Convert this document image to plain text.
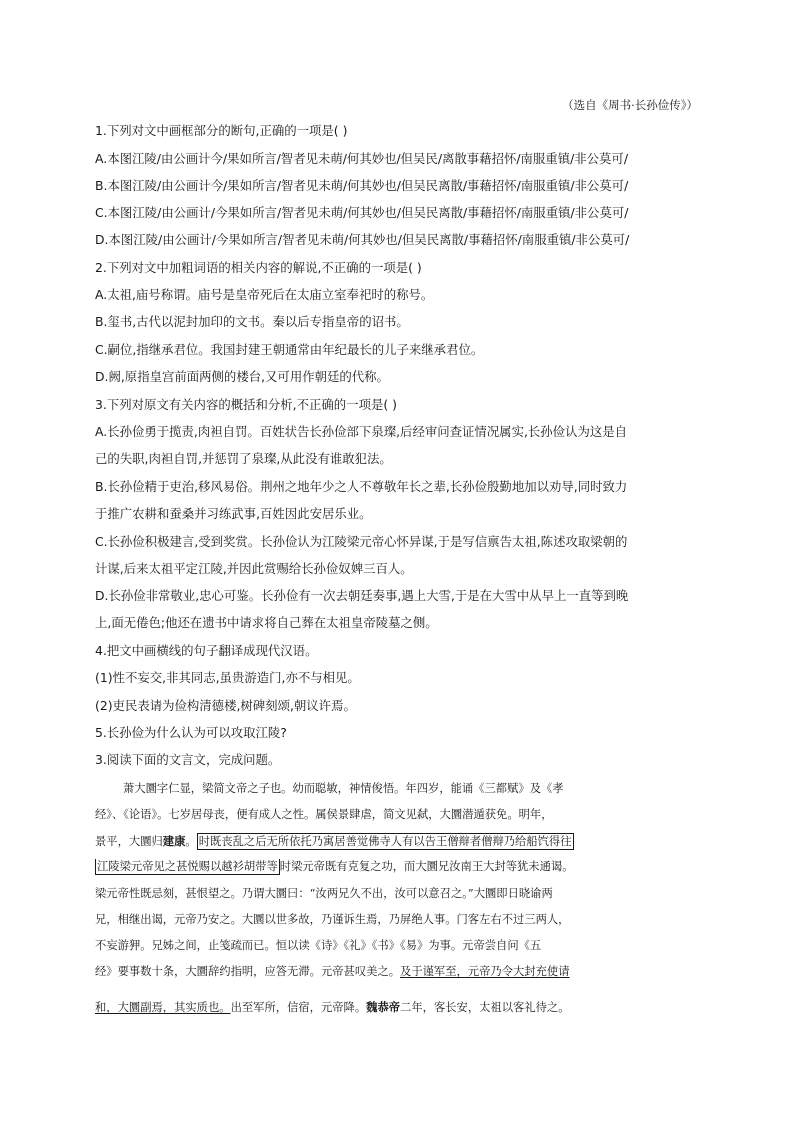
（选自《周书·长孙俭传》）
1.下列对文中画框部分的断句,正确的一项是( )
A.本图江陵/由公画计今/果如所言/智者见未萌/何其妙也/但吴民/离散事藉招怀/南服重镇/非公莫可/
B.本图江陵/由公画计今/果如所言/智者见未萌/何其妙也/但吴民离散/事藉招怀/南服重镇/非公莫可/
C.本图江陵/由公画计/今果如所言/智者见未萌/何其妙也/但吴民离散/事藉招怀/南服重镇/非公莫可/
D.本图江陵/由公画计/今果如所言/智者见未萌/何其妙也/但吴民离散/事藉招怀/南服重镇/非公莫可/
2.下列对文中加粗词语的相关内容的解说,不正确的一项是( )
A.太祖,庙号称谓。庙号是皇帝死后在太庙立室奉祀时的称号。
B.玺书,古代以泥封加印的文书。秦以后专指皇帝的诏书。
C.嗣位,指继承君位。我国封建王朝通常由年纪最长的儿子来继承君位。
D.阙,原指皇宫前面两侧的楼台,又可用作朝廷的代称。
3.下列对原文有关内容的概括和分析,不正确的一项是( )
A.长孙俭勇于揽责,肉袒自罚。百姓状告长孙俭部下泉璨,后经审问查证情况属实,长孙俭认为这是自
己的失职,肉袒自罚,并惩罚了泉璨,从此没有谁敢犯法。
B.长孙俭精于吏治,移风易俗。荆州之地年少之人不尊敬年长之辈,长孙俭殷勤地加以劝导,同时致力
于推广农耕和蚕桑并习练武事,百姓因此安居乐业。
C.长孙俭积极建言,受到奖赏。长孙俭认为江陵梁元帝心怀异谋,于是写信禀告太祖,陈述攻取梁朝的
计谋,后来太祖平定江陵,并因此赏赐给长孙俭奴婢三百人。
D.长孙俭非常敬业,忠心可鉴。长孙俭有一次去朝廷奏事,遇上大雪,于是在大雪中从早上一直等到晚
上,面无倦色;他还在遗书中请求将自己葬在太祖皇帝陵墓之侧。
4.把文中画横线的句子翻译成现代汉语。
(1)性不妄交,非其同志,虽贵游造门,亦不与相见。
(2)吏民表请为俭构清德楼,树碑刻颂,朝议许焉。
5.长孙俭为什么认为可以攻取江陵?
3.阅读下面的文言文，完成问题。
萧大圜字仁显，梁简文帝之子也。幼而聪敏，神情俊悟。年四岁，能诵《三都赋》及《孝
经》、《论语》。七岁居母丧，便有成人之性。属侯景肆虐，简文见弑，大圜潜遁获免。明年，
景平，大圜归建康。 时既丧乱之后无所依托乃寓居善觉佛寺人有以告王僧辩者僧辩乃给船饩得往
江陵梁元帝见之甚悦赐以越衫胡带等 时梁元帝既有克复之功，而大圜兄汝南王大封等犹未通谒。
梁元帝性既忌刻，甚恨望之。乃谓大圜曰：“汝两兄久不出，汝可以意召之。”大圜即日晓谕两
兄，相继出谒，元帝乃安之。大圜以世多故，乃谨诉生焉，乃屏绝人事。门客左右不过三两人，
不妄游狎。兄姊之间，止笺疏而已。恒以读《诗》《礼》《书》《易》为事。元帝尝自问《五
经》要事数十条，大圜辞约指明，应答无滞。元帝甚叹美之。及于谨军至，元帝乃令大封充使请
和，大圜副焉，其实质也。出至军所，信宿，元帝降。魏恭帝二年，客长安，太祖以客礼待之。
